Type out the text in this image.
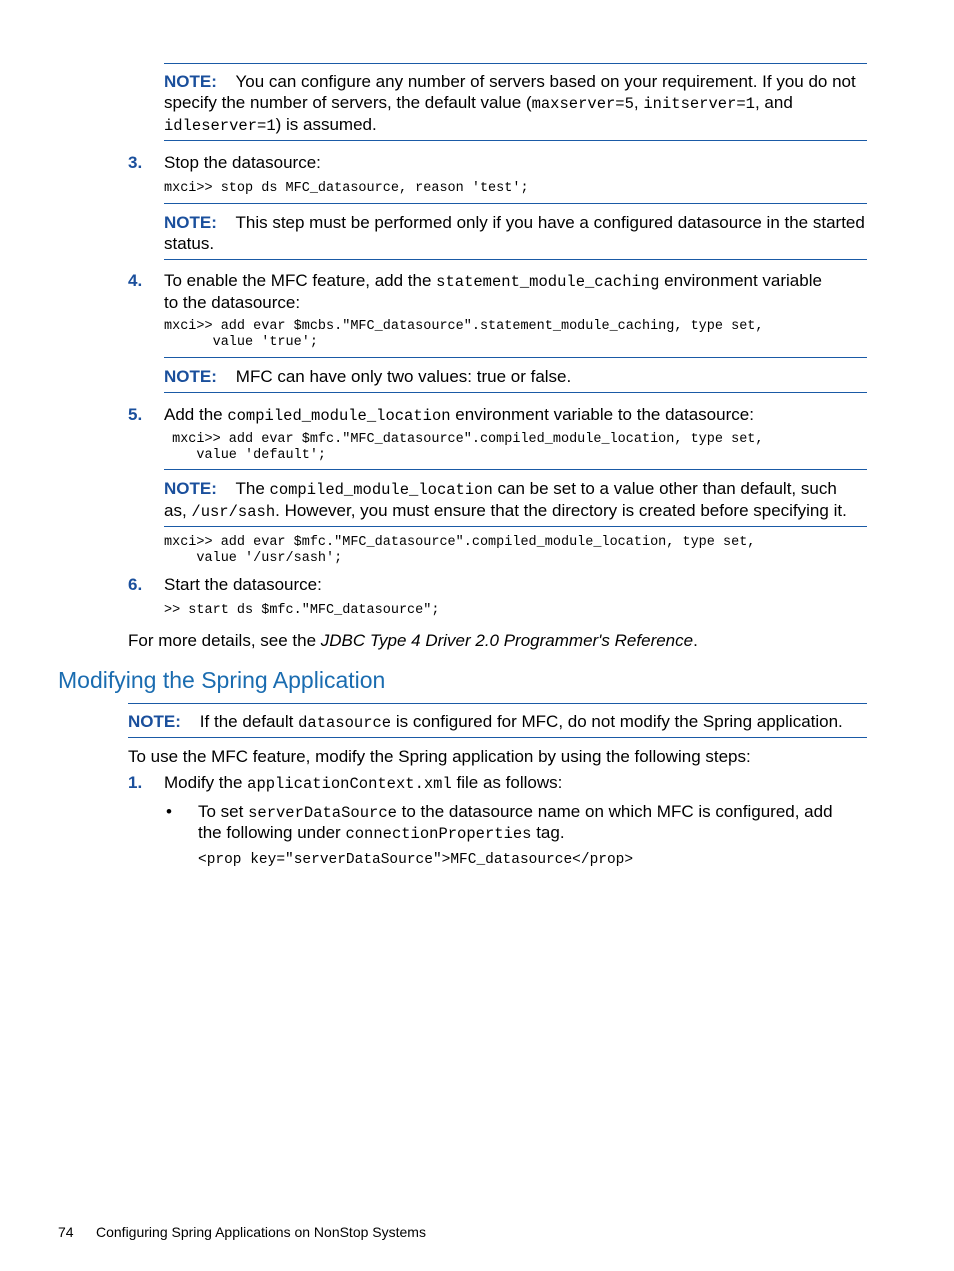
NOTE: You can configure any number of servers based on your requirement. If you do not
specify the number of servers, the default value (maxserver=5, initserver=1, and
idleserver=1) is assumed.
3. Stop the datasource:
mxci>> stop ds MFC_datasource, reason 'test';
NOTE: This step must be performed only if you have a configured datasource in the started
status.
4. To enable the MFC feature, add the statement_module_caching environment variable
to the datasource:
mxci>> add evar $mcbs."MFC_datasource".statement_module_caching, type set,
value 'true';
NOTE: MFC can have only two values: true or false.
5. Add the compiled_module_location environment variable to the datasource:
mxci>> add evar $mfc."MFC_datasource".compiled_module_location, type set,
value 'default';
NOTE: The compiled_module_location can be set to a value other than default, such
as, /usr/sash. However, you must ensure that the directory is created before specifying it.
mxci>> add evar $mfc."MFC_datasource".compiled_module_location, type set,
value '/usr/sash';
6. Start the datasource:
>> start ds $mfc."MFC_datasource";
For more details, see the JDBC Type 4 Driver 2.0 Programmer's Reference.
Modifying the Spring Application
NOTE: If the default datasource is configured for MFC, do not modify the Spring application.
To use the MFC feature, modify the Spring application by using the following steps:
1. Modify the applicationContext.xml file as follows:
• To set serverDataSource to the datasource name on which MFC is configured, add
the following under connectionProperties tag.
<prop key="serverDataSource">MFC_datasource</prop>
74 Configuring Spring Applications on NonStop Systems
